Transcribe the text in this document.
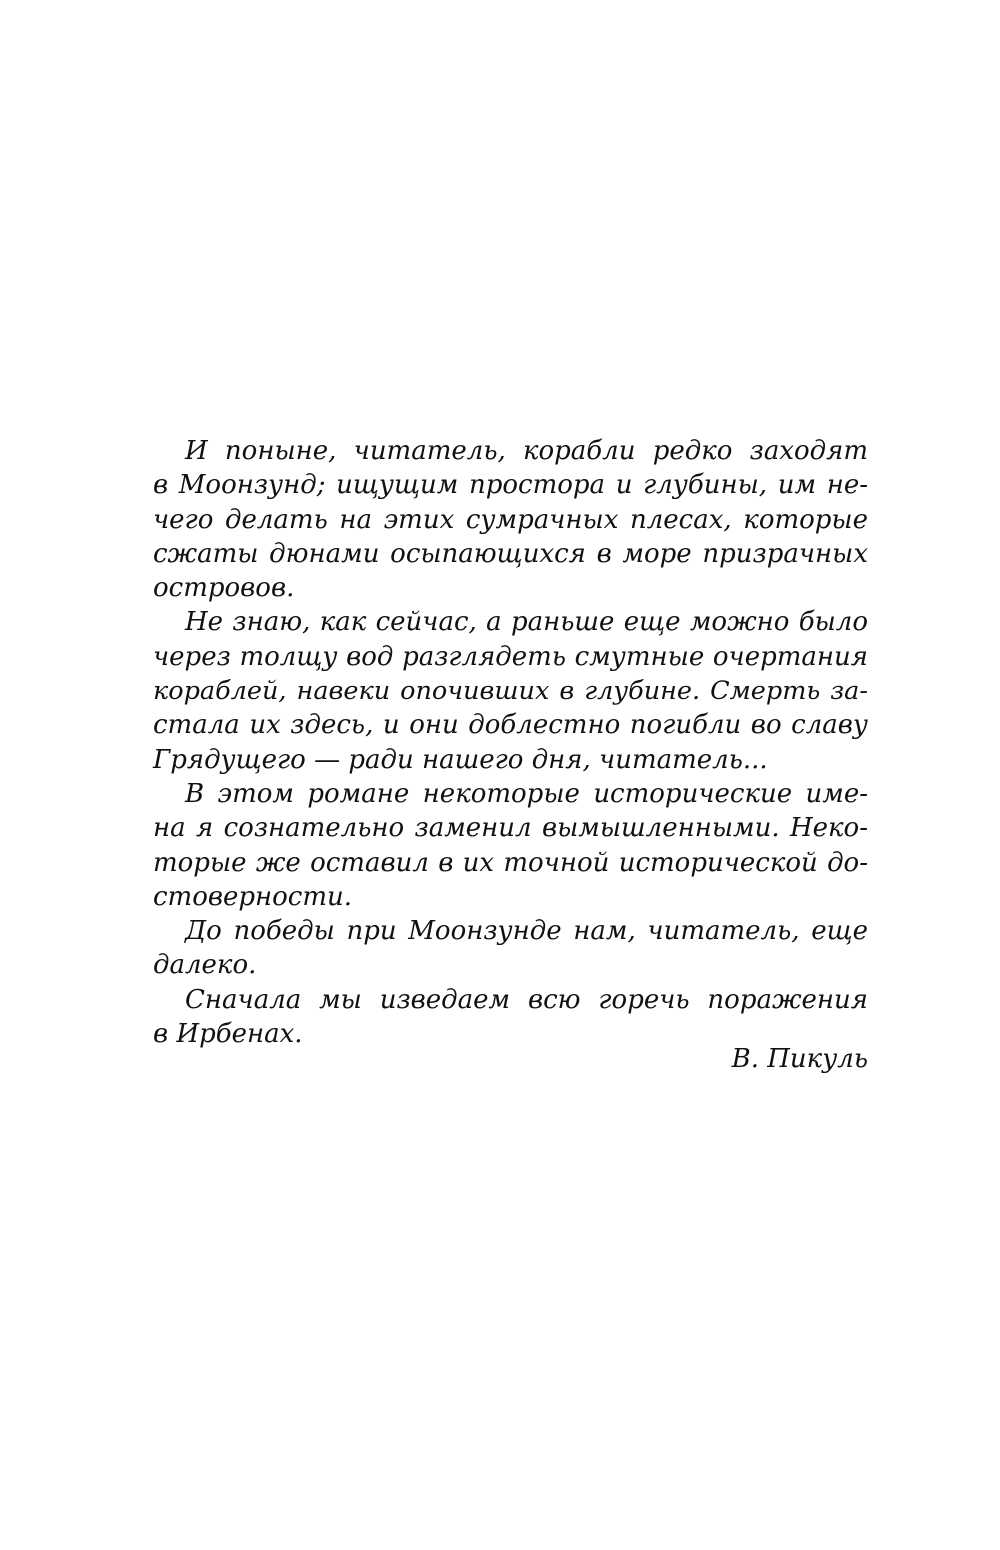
И поныне, читатель, корабли редко заходят
в Моонзунд; ищущим простора и глубины, им не-
чего делать на этих сумрачных плесах, которые
сжаты дюнами осыпающихся в море призрачных
островов.
Не знаю, как сейчас, а раньше еще можно было
через толщу вод разглядеть смутные очертания
кораблей, навеки опочивших в глубине. Смерть за-
стала их здесь, и они доблестно погибли во славу
Грядущего — ради нашего дня, читатель...
В этом романе некоторые исторические име-
на я сознательно заменил вымышленными. Неко-
торые же оставил в их точной исторической до-
стоверности.
До победы при Моонзунде нам, читатель, еще
далеко.
Сначала мы изведаем всю горечь поражения
в Ирбенах.
В. Пикуль
